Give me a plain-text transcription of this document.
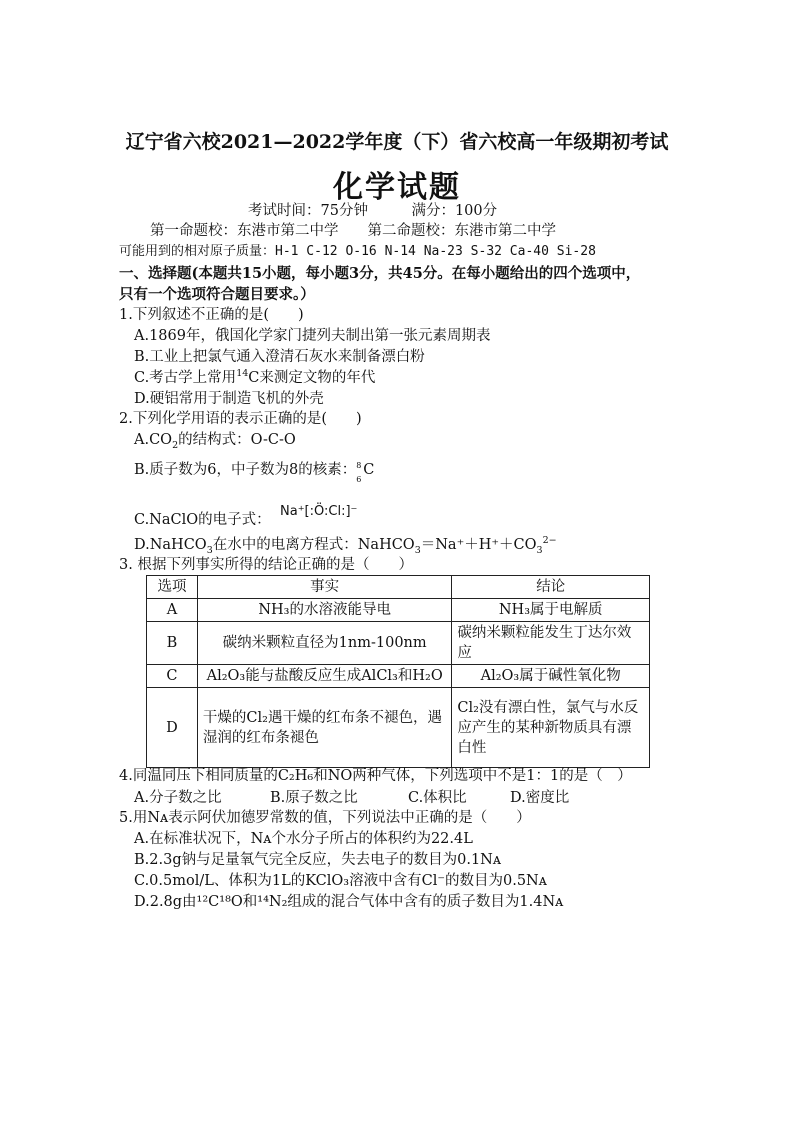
辽宁省六校2021—2022学年度（下）省六校高一年级期初考试
化学试题
考试时间：75分钟　　　满分：100分
第一命题校：东港市第二中学　　第二命题校：东港市第二中学
可能用到的相对原子质量：H-1 C-12 O-16 N-14 Na-23 S-32 Ca-40 Si-28
一、选择题(本题共15小题，每小题3分，共45分。在每小题给出的四个选项中，
只有一个选项符合题目要求。）
1.下列叙述不正确的是(　　)
A.1869年，俄国化学家门捷列夫制出第一张元素周期表
B.工业上把氯气通入澄清石灰水来制备漂白粉
C.考古学上常用$^{14}$C来测定文物的年代
D.硬铝常用于制造飞机的外壳
2.下列化学用语的表示正确的是(　　)
$A.CO_2$的结构式：O-C-O
B.质子数为6，中子数为8的核素： 8
6
C
C.NaClO的电子式：
Na⁺[:Ö:Cl:]⁻
D.NaHCO$_3$在水中的电离方程式：$NaHCO_3=Na^++H^++CO_3^{2-}$
3. 根据下列事实所得的结论正确的是（　　）
选项	事实	结论
A	NH₃的水溶液能导电	NH₃属于电解质
B	碳纳米颗粒直径为1nm-100nm	碳纳米颗粒能发生丁达尔效应
C	Al₂O₃能与盐酸反应生成AlCl₃和H₂O	Al₂O₃属于碱性氧化物
D	干燥的Cl₂遇干燥的红布条不褪色，遇湿润的红布条褪色	Cl₂没有漂白性，氯气与水反应产生的某种新物质具有漂白性
4.同温同压下相同质量的C₂H₆和NO两种气体，下列选项中不是1：1的是（　）
A.分子数之比	B.原子数之比	C.体积比	D.密度比
5.用Nᴀ表示阿伏加德罗常数的值，下列说法中正确的是（　　）
A.在标准状况下，Nᴀ个水分子所占的体积约为22.4L
B.2.3g钠与足量氧气完全反应，失去电子的数目为0.1Nᴀ
C.0.5mol/L、体积为1L的KClO₃溶液中含有Cl⁻的数目为0.5Nᴀ
D.2.8g由¹²C¹⁸O和¹⁴N₂组成的混合气体中含有的质子数目为1.4Nᴀ
